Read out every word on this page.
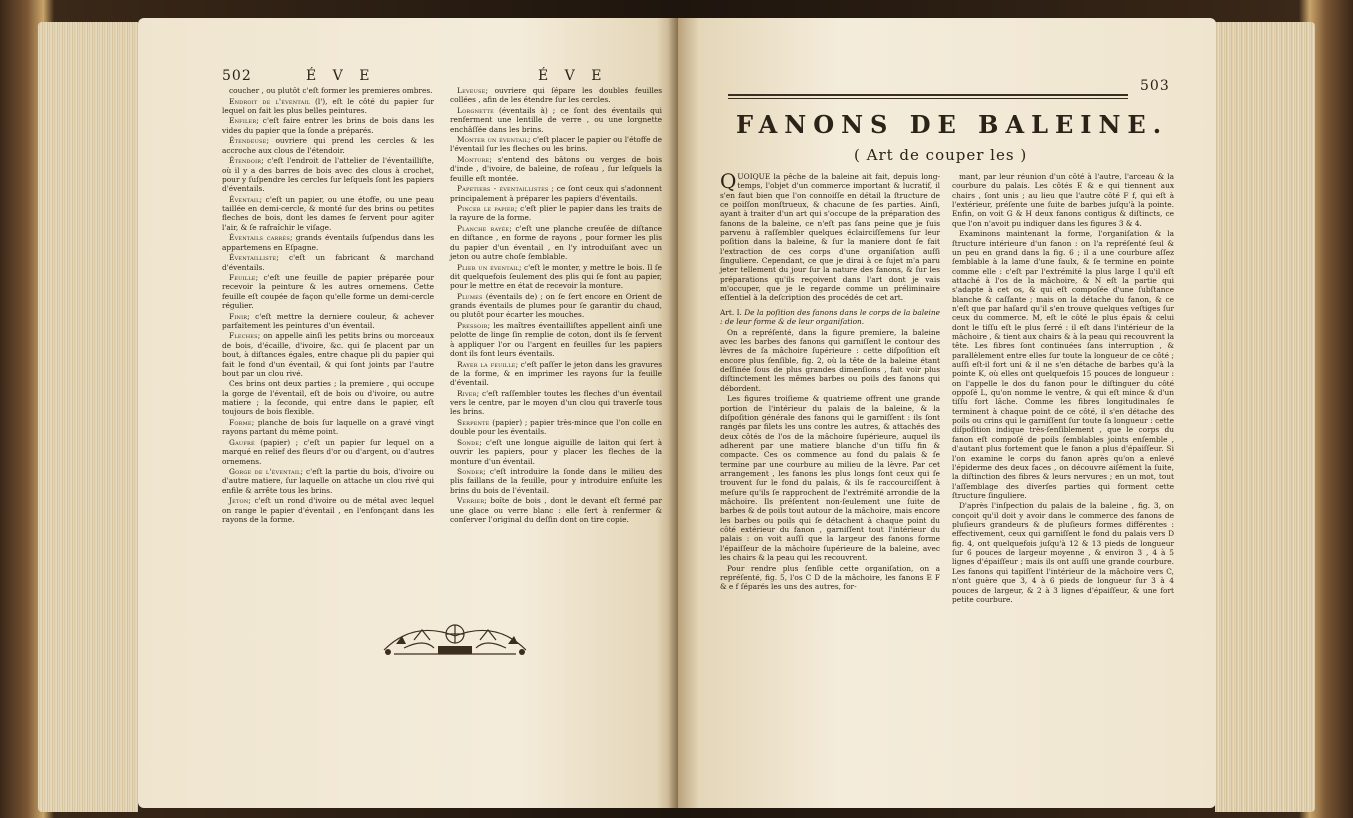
502	É V E	É V E

coucher , ou plutôt c'eſt former les premieres ombres.

Endroit de l'éventail (l'), eſt le côté du papier ſur lequel on fait les plus belles peintures.

Enfiler; c'eſt faire entrer les brins de bois dans les vides du papier que la ſonde a préparés.

Étendeuse; ouvriere qui prend les cercles & les accroche aux clous de l'étendoir.

Étendoir; c'eſt l'endroit de l'attelier de l'éventailliſte, où il y a des barres de bois avec des clous à crochet, pour y ſuſpendre les cercles ſur leſquels ſont les papiers d'éventails.

Éventail; c'eſt un papier, ou une étoffe, ou une peau taillée en demi-cercle, & monté ſur des brins ou petites fleches de bois, dont les dames ſe ſervent pour agiter l'air, & ſe rafraîchir le viſage.

Éventails carrés; grands éventails ſuſpendus dans les appartemens en Eſpagne.

Éventailliste; c'eſt un fabricant & marchand d'éventails.

Feuille; c'eſt une feuille de papier préparée pour recevoir la peinture & les autres ornemens. Cette feuille eſt coupée de façon qu'elle forme un demi-cercle régulier.

Finir; c'eſt mettre la derniere couleur, & achever parfaitement les peintures d'un éventail.

Fleches; on appelle ainſi les petits brins ou morceaux de bois, d'écaille, d'ivoire, &c. qui ſe placent par un bout, à diſtances égales, entre chaque pli du papier qui fait le fond d'un éventail, & qui ſont joints par l'autre bout par un clou rivé.

Ces brins ont deux parties ; la premiere , qui occupe la gorge de l'éventail, eſt de bois ou d'ivoire, ou autre matiere ; la ſeconde, qui entre dans le papier, eſt toujours de bois flexible.

Forme; planche de bois ſur laquelle on a gravé vingt rayons partant du même point.

Gaufré (papier) ; c'eſt un papier ſur lequel on a marqué en relief des fleurs d'or ou d'argent, ou d'autres ornemens.

Gorge de l'éventail; c'eſt la partie du bois, d'ivoire ou d'autre matiere, ſur laquelle on attache un clou rivé qui enfile & arrête tous les brins.

Jeton; c'eſt un rond d'ivoire ou de métal avec lequel on range le papier d'éventail , en l'enfonçant dans les rayons de la forme.

Leveuse; ouvriere qui ſépare les doubles feuilles collées , afin de les étendre ſur les cercles.

Lorgnette (éventails à) ; ce ſont des éventails qui renferment une lentille de verre , ou une lorgnette enchâſſée dans les brins.

Monter un éventail; c'eſt placer le papier ou l'étoffe de l'éventail ſur les fleches ou les brins.

Monture; s'entend des bâtons ou verges de bois d'inde , d'ivoire, de baleine, de roſeau , ſur leſquels la feuille eſt montée.

Papetiers - éventaillistes ; ce ſont ceux qui s'adonnent principalement à préparer les papiers d'éventails.

Pincer le papier; c'eſt plier le papier dans les traits de la rayure de la forme.

Planche rayée; c'eſt une planche creuſée de diſtance en diſtance , en forme de rayons , pour former les plis du papier d'un éventail , en l'y introduiſant avec un jeton ou autre choſe ſemblable.

Plier un éventail; c'eſt le monter, y mettre le bois. Il ſe dit quelquefois ſeulement des plis qui ſe font au papier, pour le mettre en état de recevoir la monture.

Plumes (éventails de) ; on ſe ſert encore en Orient de grands éventails de plumes pour ſe garantir du chaud, ou plutôt pour écarter les mouches.

Pressoir; les maîtres éventailliſtes appellent ainſi une pelotte de linge ſin remplie de coton, dont ils ſe ſervent à appliquer l'or ou l'argent en feuilles ſur les papiers dont ils font leurs éventails.

Rayer la feuille; c'eſt paſſer le jeton dans les gravures de la forme, & en imprimer les rayons ſur la feuille d'éventail.

River; c'eſt raſſembler toutes les fleches d'un éventail vers le centre, par le moyen d'un clou qui traverſe tous les brins.

Serpente (papier) ; papier très-mince que l'on colle en double pour les éventails.

Sonde; c'eſt une longue aiguille de laiton qui ſert à ouvrir les papiers, pour y placer les fleches de la monture d'un éventail.

Sonder; c'eſt introduire la ſonde dans le milieu des plis faillans de la feuille, pour y introduire enſuite les brins du bois de l'éventail.

Verrier; boîte de bois , dont le devant eſt fermé par une glace ou verre blanc : elle ſert à renfermer & conſerver l'original du deſſin dont on tire copie.

503
FANONS DE BALEINE.
( Art de couper les )

QUOIQUE la pêche de la baleine ait fait, depuis long-temps, l'objet d'un commerce important & lucratif, il s'en faut bien que l'on connoiſſe en détail la ſtructure de ce poiſſon monſtrueux, & chacune de ſes parties. Ainſi, ayant à traiter d'un art qui s'occupe de la préparation des fanons de la baleine, ce n'eſt pas ſans peine que je ſuis parvenu à raſſembler quelques éclairciſſemens ſur leur poſition dans la baleine, & ſur la maniere dont ſe fait l'extraction de ces corps d'une organiſation auſſi ſinguliere. Cependant, ce que je dirai à ce ſujet m'a paru jeter tellement du jour ſur la nature des fanons, & ſur les préparations qu'ils reçoivent dans l'art dont je vais m'occuper, que je le regarde comme un préliminaire eſſentiel à la deſcription des procédés de cet art.

Art. I. De la poſition des fanons dans le corps de la baleine : de leur forme & de leur organiſation.

On a repréſenté, dans la figure premiere, la baleine avec les barbes des fanons qui garniſſent le contour des lèvres de ſa mâchoire ſupérieure : cette diſpoſition eſt encore plus ſenſible, fig. 2, où la tête de la baleine étant deſſinée ſous de plus grandes dimenſions , fait voir plus diſtinctement les mêmes barbes ou poils des fanons qui débordent.

Les figures troiſieme & quatrieme offrent une grande portion de l'intérieur du palais de la baleine, & la diſpoſition générale des fanons qui le garniſſent : ils ſont rangés par filets les uns contre les autres, & attachés des deux côtés de l'os de la mâchoire ſupérieure, auquel ils adherent par une matiere blanche d'un tiſſu fin & compacte. Ces os commence au fond du palais & ſe termine par une courbure au milieu de la lèvre. Par cet arrangement , les fanons les plus longs ſont ceux qui ſe trouvent ſur le fond du palais, & ils ſe raccourciſſent à meſure qu'ils ſe rapprochent de l'extrémité arrondie de la mâchoire. Ils préſentent non-ſeulement une ſuite de barbes & de poils tout autour de la mâchoire, mais encore les barbes ou poils qui ſe détachent à chaque point du côté extérieur du fanon , garniſſent tout l'intérieur du palais : on voit auſſi que la largeur des fanons forme l'épaiſſeur de la mâchoire ſupérieure de la baleine, avec les chairs & la peau qui les recouvrent.

Pour rendre plus ſenſible cette organiſation, on a repréſenté, fig. 5, l'os C D de la mâchoire, les fanons E F & e f ſéparés les uns des autres, for-

mant, par leur réunion d'un côté à l'autre, l'arceau & la courbure du palais. Les côtés E & e qui tiennent aux chairs , ſont unis ; au lieu que l'autre côté F f, qui eſt à l'extérieur, préſente une ſuite de barbes juſqu'à la pointe. Enfin, on voit G & H deux fanons contigus & diſtincts, ce que l'on n'avoit pu indiquer dans les figures 3 & 4.

Examinons maintenant la forme, l'organiſation & la ſtructure intérieure d'un fanon : on l'a repréſenté ſeul & un peu en grand dans la fig. 6 ; il a une courbure aſſez ſemblable à la lame d'une faulx, & ſe termine en pointe comme elle : c'eſt par l'extrémité la plus large I qu'il eſt attaché à l'os de la mâchoire, & N eſt la partie qui s'adapte à cet os, & qui eſt compoſée d'une ſubſtance blanche & caſſante ; mais on la détache du fanon, & ce n'eſt que par haſard qu'il s'en trouve quelques veſtiges ſur ceux du commerce. M, eſt le côté le plus épais & celui dont le tiſſu eſt le plus ſerré : il eſt dans l'intérieur de la mâchoire , & tient aux chairs & à la peau qui recouvrent la tête. Les fibres ſont continuées ſans interruption , & parallèlement entre elles ſur toute la longueur de ce côté ; auſſi eſt-il fort uni & il ne s'en détache de barbes qu'à la pointe K, où elles ont quelquefois 15 pouces de longueur : on l'appelle le dos du fanon pour le diſtinguer du côté oppoſé L, qu'on nomme le ventre, & qui eſt mince & d'un tiſſu fort lâche. Comme les fibres longitudinales ſe terminent à chaque point de ce côté, il s'en détache des poils ou crins qui le garniſſent ſur toute ſa longueur : cette diſpoſition indique très-ſenſiblement , que le corps du fanon eſt compoſé de poils ſemblables joints enſemble , d'autant plus fortement que le fanon a plus d'épaiſſeur. Si l'on examine le corps du fanon après qu'on a enlevé l'épiderme des deux faces , on découvre aiſément la ſuite, la diſtinction des fibres & leurs nervures ; en un mot, tout l'aſſemblage des diverſes parties qui forment cette ſtructure ſinguliere.

D'après l'inſpection du palais de la baleine , fig. 3, on conçoit qu'il doit y avoir dans le commerce des fanons de pluſieurs grandeurs & de pluſieurs formes différentes : effectivement, ceux qui garniſſent le fond du palais vers D fig. 4, ont quelquefois juſqu'à 12 & 13 pieds de longueur ſur 6 pouces de largeur moyenne , & environ 3 , 4 à 5 lignes d'épaiſſeur ; mais ils ont auſſi une grande courbure. Les fanons qui tapiſſent l'intérieur de la mâchoire vers C, n'ont guère que 3, 4 à 6 pieds de longueur ſur 3 à 4 pouces de largeur, & 2 à 3 lignes d'épaiſſeur, & une fort petite courbure.
